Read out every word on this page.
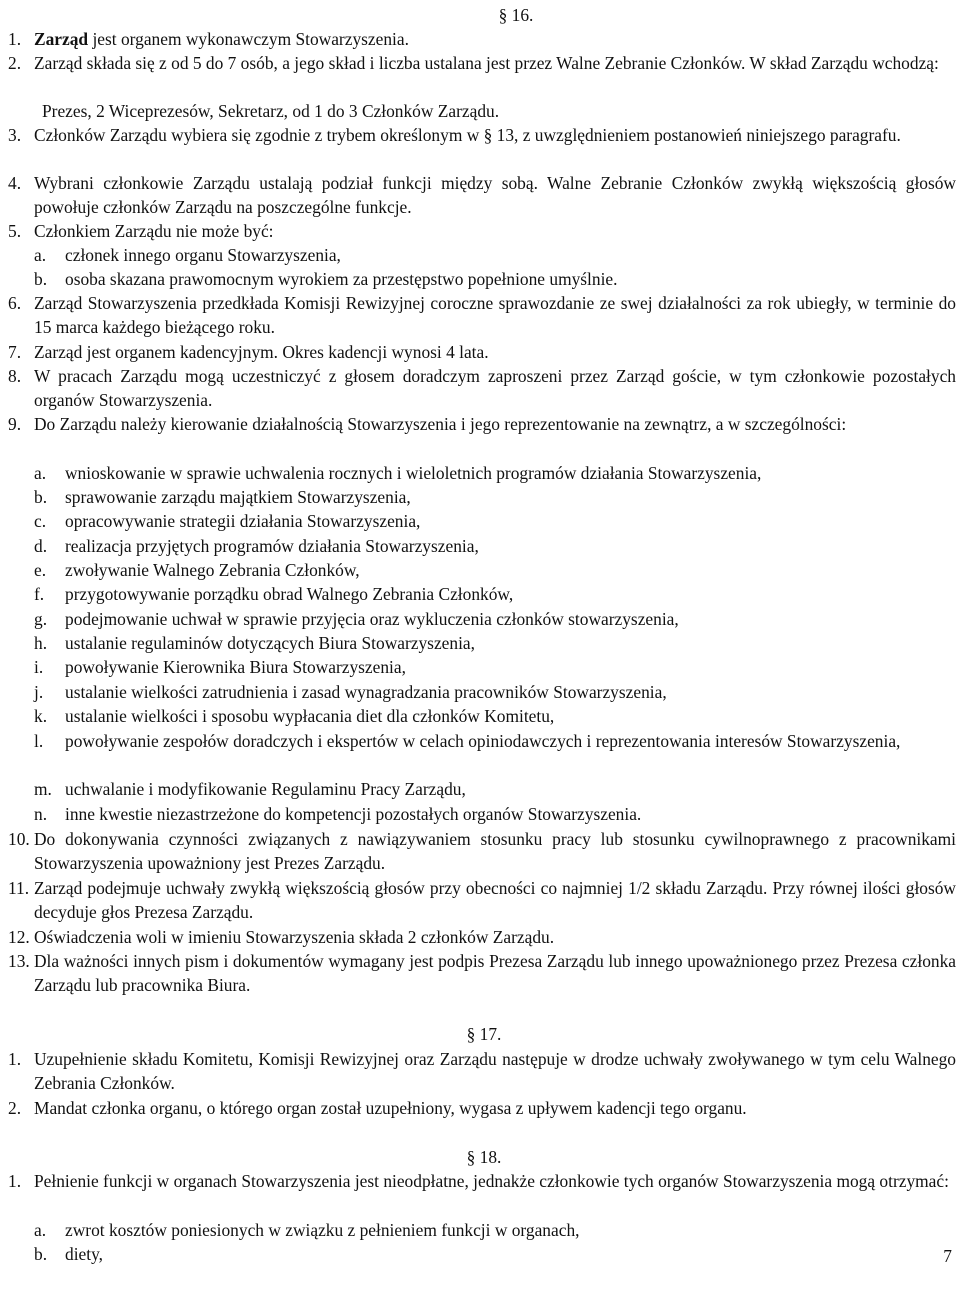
§ 16.
1. Zarząd jest organem wykonawczym Stowarzyszenia.
2. Zarząd składa się z od 5 do 7 osób, a jego skład i liczba ustalana jest przez Walne Zebranie Członków. W skład Zarządu wchodzą:
Prezes, 2 Wiceprezesów, Sekretarz, od 1 do 3 Członków Zarządu.
3. Członków Zarządu wybiera się zgodnie z trybem określonym w § 13, z uwzględnieniem postanowień niniejszego paragrafu.
4. Wybrani członkowie Zarządu ustalają podział funkcji między sobą. Walne Zebranie Członków zwykłą większością głosów powołuje członków Zarządu na poszczególne funkcje.
5. Członkiem Zarządu nie może być:
a.	członek innego organu Stowarzyszenia,
b.	osoba skazana prawomocnym wyrokiem za przestępstwo popełnione umyślnie.
6. Zarząd Stowarzyszenia przedkłada Komisji Rewizyjnej coroczne sprawozdanie ze swej działalności za rok ubiegły, w terminie do 15 marca każdego bieżącego roku.
7. Zarząd jest organem kadencyjnym. Okres kadencji wynosi 4 lata.
8. W pracach Zarządu mogą uczestniczyć z głosem doradczym zaproszeni przez Zarząd goście, w tym członkowie pozostałych organów Stowarzyszenia.
9. Do Zarządu należy kierowanie działalnością Stowarzyszenia i jego reprezentowanie na zewnątrz, a w szczególności:
a.	wnioskowanie w sprawie uchwalenia rocznych i wieloletnich programów działania Stowarzyszenia,
b.	sprawowanie zarządu majątkiem Stowarzyszenia,
c.	opracowywanie strategii działania Stowarzyszenia,
d.	realizacja przyjętych programów działania Stowarzyszenia,
e.	zwoływanie Walnego Zebrania Członków,
f.	przygotowywanie porządku obrad Walnego Zebrania Członków,
g.	podejmowanie uchwał w sprawie przyjęcia oraz wykluczenia członków stowarzyszenia,
h.	ustalanie regulaminów dotyczących Biura Stowarzyszenia,
i.	powoływanie Kierownika Biura Stowarzyszenia,
j.	ustalanie wielkości zatrudnienia i zasad wynagradzania pracowników Stowarzyszenia,
k.	ustalanie wielkości i sposobu wypłacania diet dla członków Komitetu,
l.	powoływanie zespołów doradczych i ekspertów w celach opiniodawczych i reprezentowania interesów Stowarzyszenia,
m. uchwalanie i modyfikowanie Regulaminu Pracy Zarządu,
n.	inne kwestie niezastrzeżone do kompetencji pozostałych organów Stowarzyszenia.
10. Do dokonywania czynności związanych z nawiązywaniem stosunku pracy lub stosunku cywilnoprawnego z pracownikami Stowarzyszenia upoważniony jest Prezes Zarządu.
11. Zarząd podejmuje uchwały zwykłą większością głosów przy obecności co najmniej 1/2 składu Zarządu. Przy równej ilości głosów decyduje głos Prezesa Zarządu.
12. Oświadczenia woli w imieniu Stowarzyszenia składa 2 członków Zarządu.
13. Dla ważności innych pism i dokumentów wymagany jest podpis Prezesa Zarządu lub innego upoważnionego przez Prezesa członka Zarządu lub pracownika Biura.
§ 17.
1. Uzupełnienie składu Komitetu, Komisji Rewizyjnej oraz Zarządu następuje w drodze uchwały zwoływanego w tym celu Walnego Zebrania Członków.
2. Mandat członka organu, o którego organ został uzupełniony, wygasa z upływem kadencji tego organu.
§ 18.
1. Pełnienie funkcji w organach Stowarzyszenia jest nieodpłatne, jednakże członkowie tych organów Stowarzyszenia mogą otrzymać:
a.	zwrot kosztów poniesionych w związku z pełnieniem funkcji w organach,
b.	diety,	7
